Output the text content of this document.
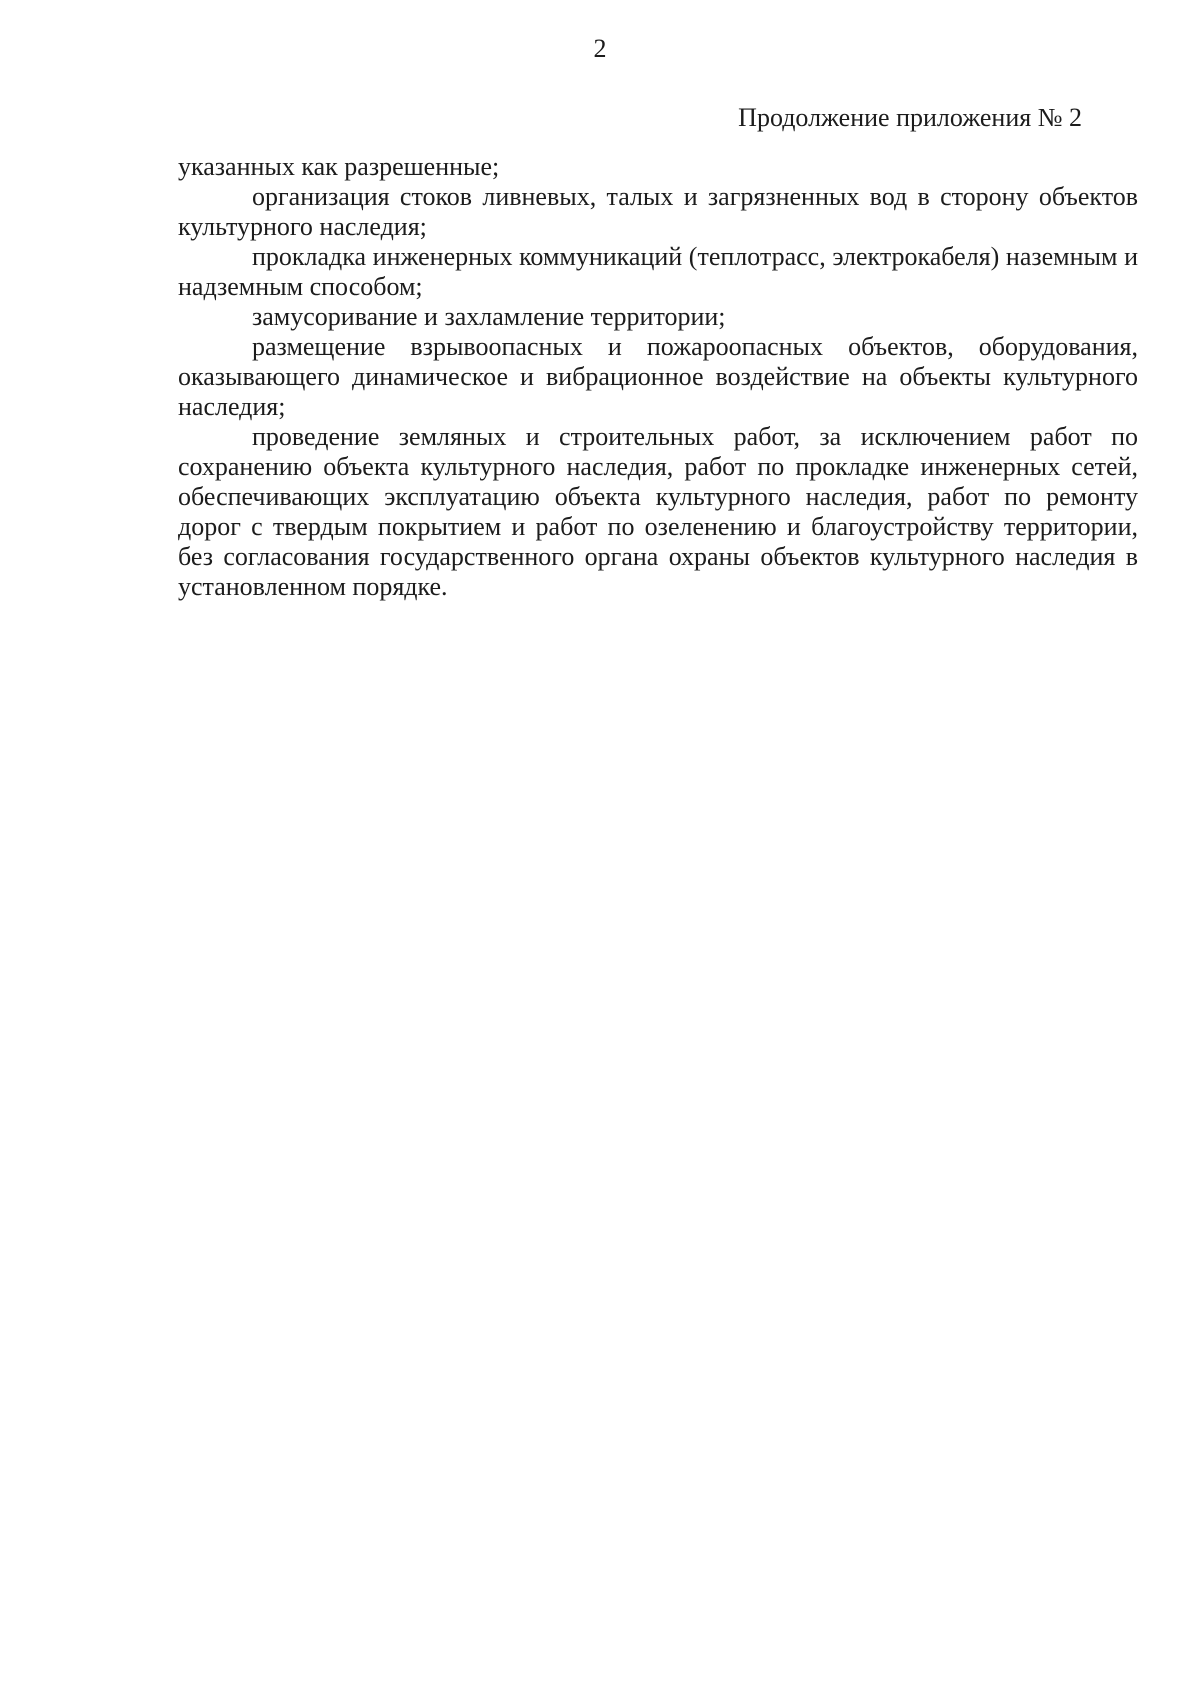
2
Продолжение приложения № 2

указанных как разрешенные;

организация стоков ливневых, талых и загрязненных вод в сторону объектов культурного наследия;

прокладка инженерных коммуникаций (теплотрасс, электрокабеля) наземным и надземным способом;

замусоривание и захламление территории;

размещение взрывоопасных и пожароопасных объектов, оборудования, оказывающего динамическое и вибрационное воздействие на объекты культурного наследия;

проведение земляных и строительных работ, за исключением работ по сохранению объекта культурного наследия, работ по прокладке инженерных сетей, обеспечивающих эксплуатацию объекта культурного наследия, работ по ремонту дорог с твердым покрытием и работ по озеленению и благоустройству территории, без согласования государственного органа охраны объектов культурного наследия в установленном порядке.
